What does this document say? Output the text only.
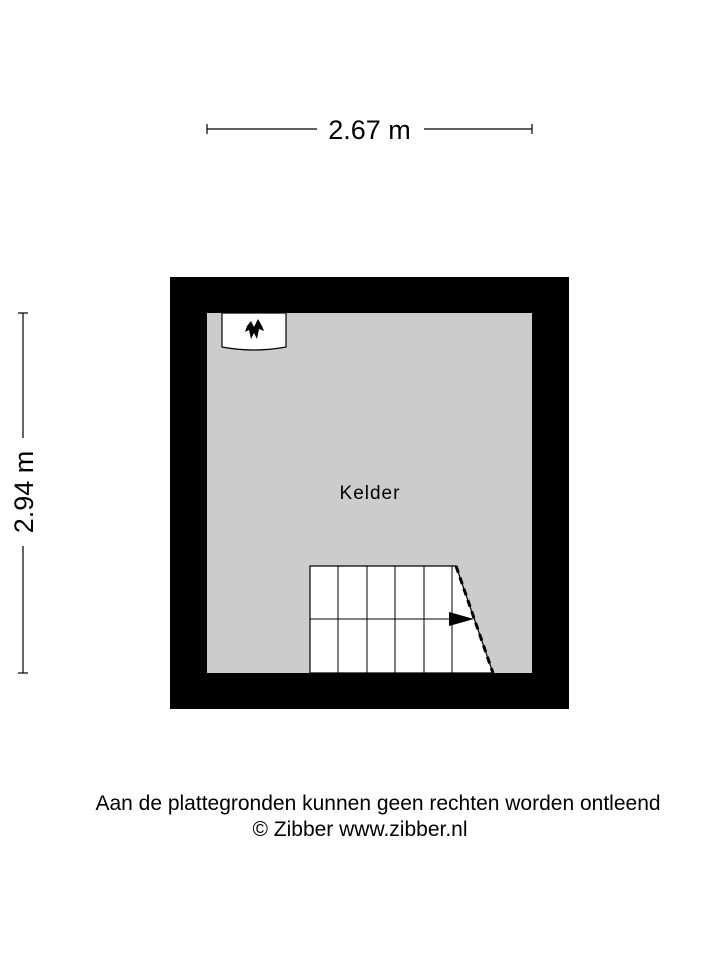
2.67 m
2.94 m	Kelder
Aan de plattegronden kunnen geen rechten worden ontleend
© Zibber www.zibber.nl
